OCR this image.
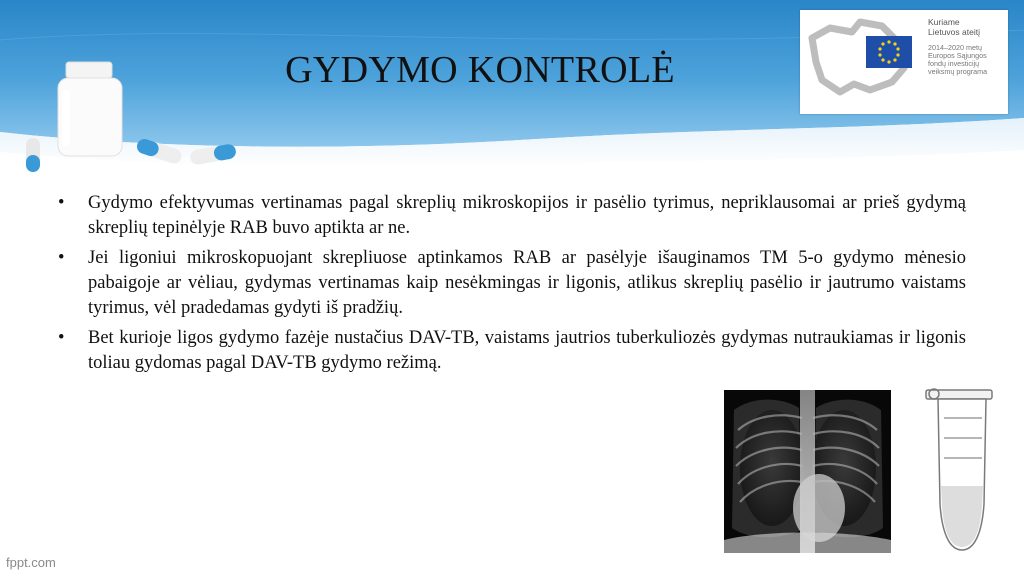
GYDYMO KONTROLĖ
Kuriame
Lietuvos ateitį
2014–2020 metų
Europos Sąjungos
fondų investicijų
veiksmų programa
• Gydymo efektyvumas vertinamas pagal skreplių mikroskopijos ir pasėlio tyrimus, nepriklausomai ar prieš gydymą skreplių tepinėlyje RAB buvo aptikta ar ne.
• Jei ligoniui mikroskopuojant skrepliuose aptinkamos RAB ar pasėlyje išauginamos TM 5-o gydymo mėnesio pabaigoje ar vėliau, gydymas vertinamas kaip nesėkmingas ir ligonis, atlikus skreplių pasėlio ir jautrumo vaistams tyrimus, vėl pradedamas gydyti iš pradžių.
• Bet kurioje ligos gydymo fazėje nustačius DAV-TB, vaistams jautrios tuberkuliozės gydymas nutraukiamas ir ligonis toliau gydomas pagal DAV-TB gydymo režimą.
fppt.com
